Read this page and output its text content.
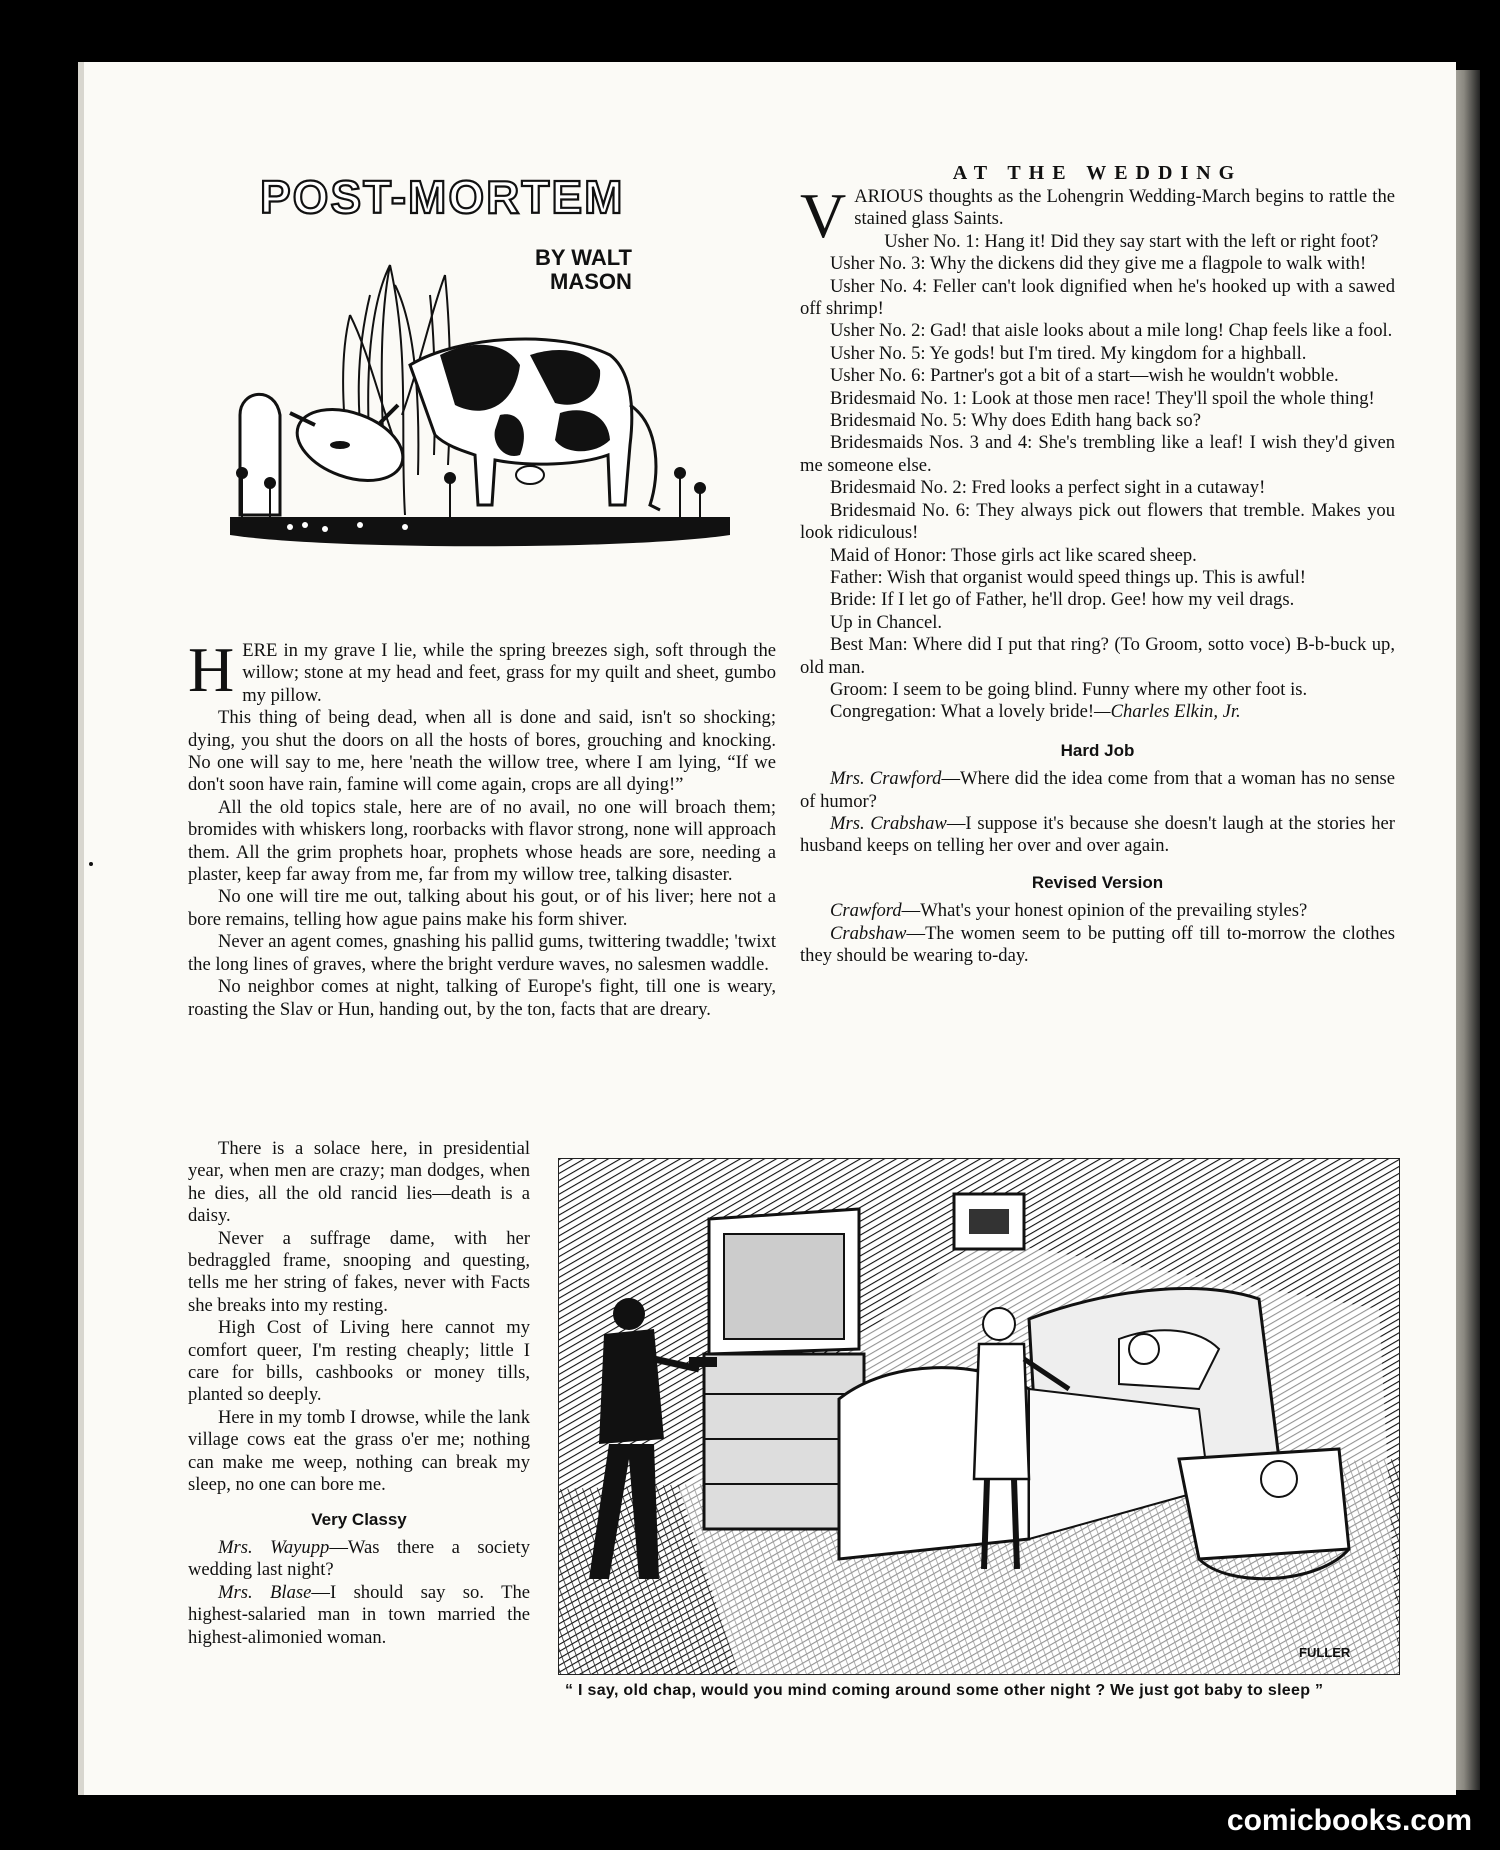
POST-MORTEM
BY WALT
MASON

HERE in my grave I lie, while the spring breezes sigh, soft through the willow; stone at my head and feet, grass for my quilt and sheet, gumbo my pillow.

This thing of being dead, when all is done and said, isn't so shocking; dying, you shut the doors on all the hosts of bores, grouching and knocking. No one will say to me, here 'neath the willow tree, where I am lying, “If we don't soon have rain, famine will come again, crops are all dying!”

All the old topics stale, here are of no avail, no one will broach them; bromides with whiskers long, roorbacks with flavor strong, none will approach them. All the grim prophets hoar, prophets whose heads are sore, needing a plaster, keep far away from me, far from my willow tree, talking disaster.

No one will tire me out, talking about his gout, or of his liver; here not a bore remains, telling how ague pains make his form shiver.

Never an agent comes, gnashing his pallid gums, twittering twaddle; 'twixt the long lines of graves, where the bright verdure waves, no salesmen waddle.

No neighbor comes at night, talking of Europe's fight, till one is weary, roasting the Slav or Hun, handing out, by the ton, facts that are dreary.

There is a solace here, in presidential year, when men are crazy; man dodges, when he dies, all the old rancid lies—death is a daisy.

Never a suffrage dame, with her bedraggled frame, snooping and questing, tells me her string of fakes, never with Facts she breaks into my resting.

High Cost of Living here cannot my comfort queer, I'm resting cheaply; little I care for bills, cashbooks or money tills, planted so deeply.

Here in my tomb I drowse, while the lank village cows eat the grass o'er me; nothing can make me weep, nothing can break my sleep, no one can bore me.

Very Classy

Mrs. Wayupp—Was there a society wedding last night?

Mrs. Blase—I should say so. The highest-salaried man in town married the highest-alimonied woman.

AT THE WEDDING

VARIOUS thoughts as the Lohengrin Wedding-March begins to rattle the stained glass Saints.

Usher No. 1: Hang it! Did they say start with the left or right foot?

Usher No. 3: Why the dickens did they give me a flagpole to walk with!

Usher No. 4: Feller can't look dignified when he's hooked up with a sawed off shrimp!

Usher No. 2: Gad! that aisle looks about a mile long! Chap feels like a fool.

Usher No. 5: Ye gods! but I'm tired. My kingdom for a highball.

Usher No. 6: Partner's got a bit of a start—wish he wouldn't wobble.

Bridesmaid No. 1: Look at those men race! They'll spoil the whole thing!

Bridesmaid No. 5: Why does Edith hang back so?

Bridesmaids Nos. 3 and 4: She's trembling like a leaf! I wish they'd given me someone else.

Bridesmaid No. 2: Fred looks a perfect sight in a cutaway!

Bridesmaid No. 6: They always pick out flowers that tremble. Makes you look ridiculous!

Maid of Honor: Those girls act like scared sheep.

Father: Wish that organist would speed things up. This is awful!

Bride: If I let go of Father, he'll drop. Gee! how my veil drags.

Up in Chancel.

Best Man: Where did I put that ring? (To Groom, sotto voce) B-b-buck up, old man.

Groom: I seem to be going blind. Funny where my other foot is.

Congregation: What a lovely bride!—Charles Elkin, Jr.

Hard Job

Mrs. Crawford—Where did the idea come from that a woman has no sense of humor?

Mrs. Crabshaw—I suppose it's because she doesn't laugh at the stories her husband keeps on telling her over and over again.

Revised Version

Crawford—What's your honest opinion of the prevailing styles?

Crabshaw—The women seem to be putting off till to-morrow the clothes they should be wearing to-day.

FULLER
“ I say, old chap, would you mind coming around some other night ? We just got baby to sleep ”
comicbooks.com
